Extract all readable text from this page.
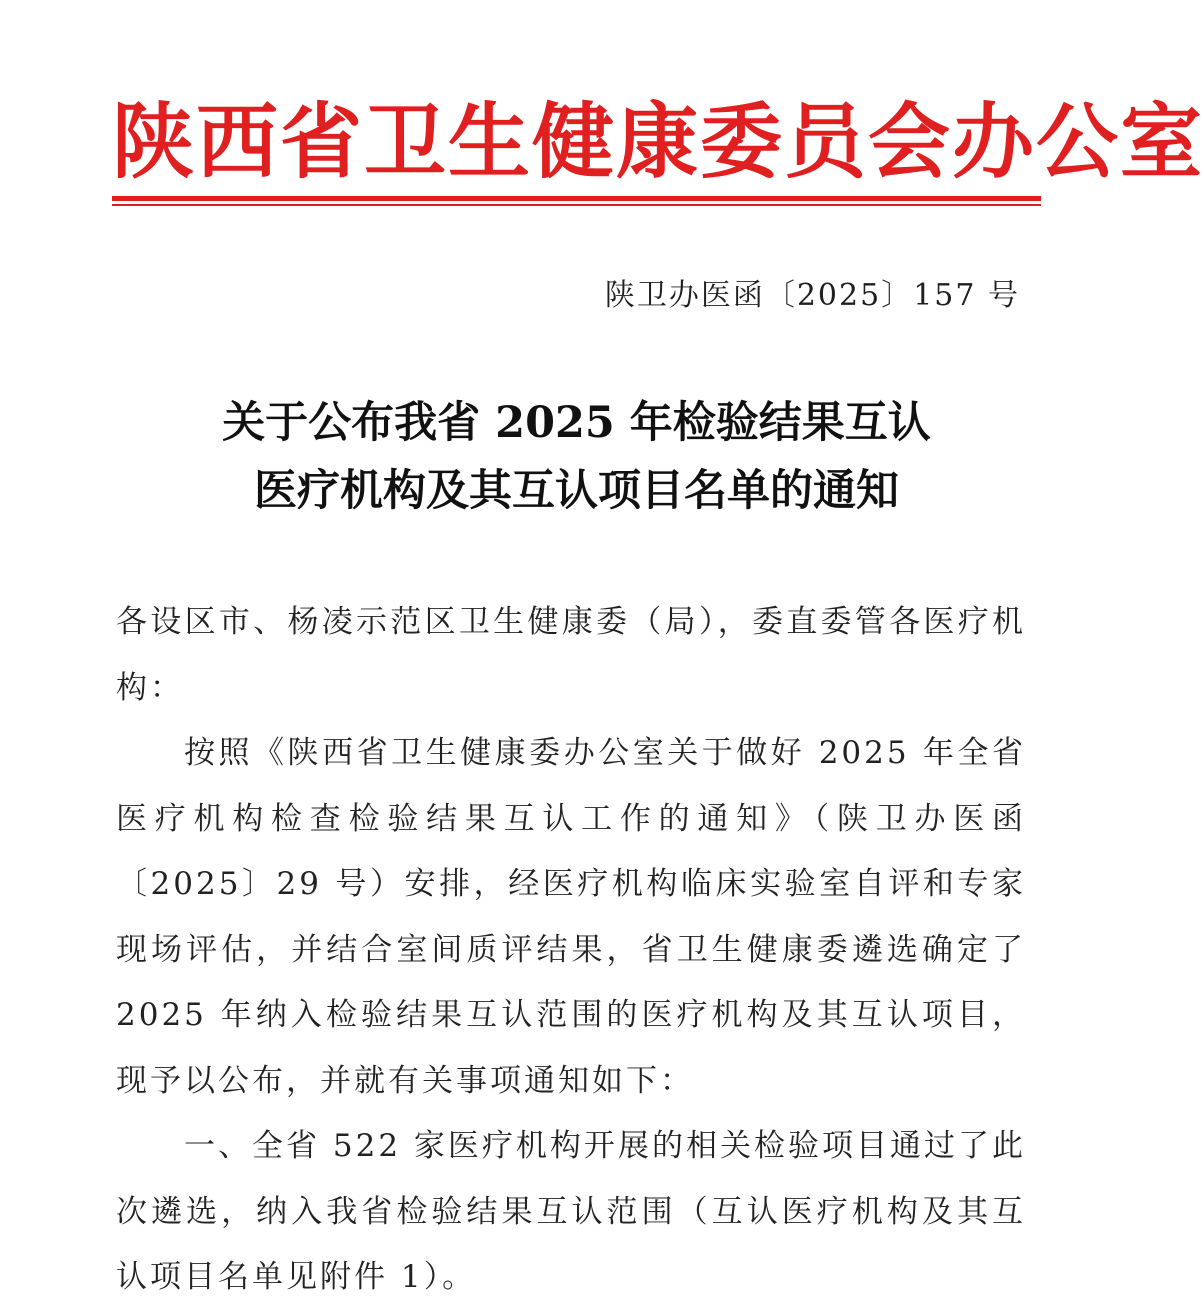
陕西省卫生健康委员会办公室
陕卫办医函〔2025〕157 号
关于公布我省 2025 年检验结果互认
医疗机构及其互认项目名单的通知

各设区市、杨凌示范区卫生健康委（局），委直委管各医疗机构：

按照《陕西省卫生健康委办公室关于做好 2025 年全省医疗机构检查检验结果互认工作的通知》（陕卫办医函〔2025〕29 号）安排，经医疗机构临床实验室自评和专家现场评估，并结合室间质评结果，省卫生健康委遴选确定了 2025 年纳入检验结果互认范围的医疗机构及其互认项目，现予以公布，并就有关事项通知如下：

一、全省 522 家医疗机构开展的相关检验项目通过了此次遴选，纳入我省检验结果互认范围（互认医疗机构及其互认项目名单见附件 1）。
